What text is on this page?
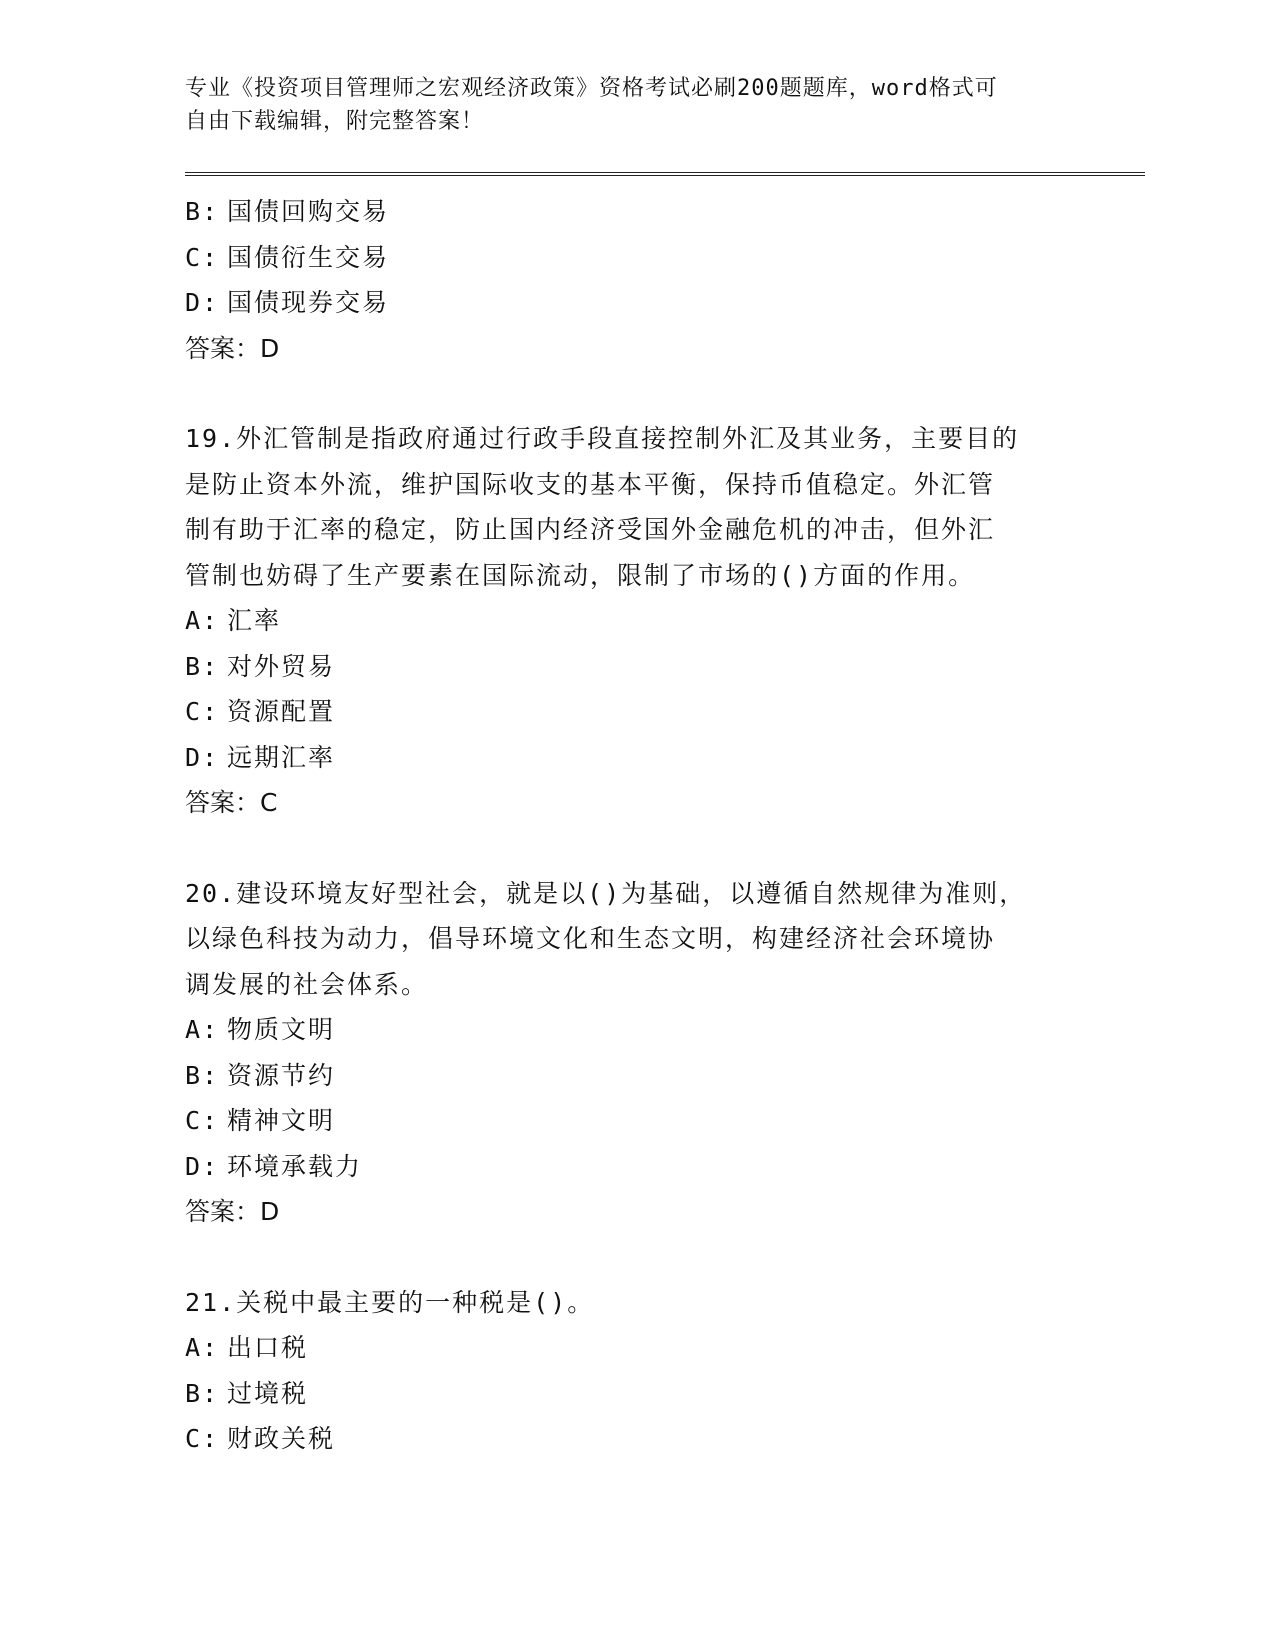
专业《投资项目管理师之宏观经济政策》资格考试必刷200题题库，word格式可
自由下载编辑，附完整答案！
B: 国债回购交易
C: 国债衍生交易
D: 国债现券交易
答案：D
19.外汇管制是指政府通过行政手段直接控制外汇及其业务，主要目的
是防止资本外流，维护国际收支的基本平衡，保持币值稳定。外汇管
制有助于汇率的稳定，防止国内经济受国外金融危机的冲击，但外汇
管制也妨碍了生产要素在国际流动，限制了市场的()方面的作用。
A: 汇率
B: 对外贸易
C: 资源配置
D: 远期汇率
答案：C
20.建设环境友好型社会，就是以()为基础，以遵循自然规律为准则，
以绿色科技为动力，倡导环境文化和生态文明，构建经济社会环境协
调发展的社会体系。
A: 物质文明
B: 资源节约
C: 精神文明
D: 环境承载力
答案：D
21.关税中最主要的一种税是()。
A: 出口税
B: 过境税
C: 财政关税
